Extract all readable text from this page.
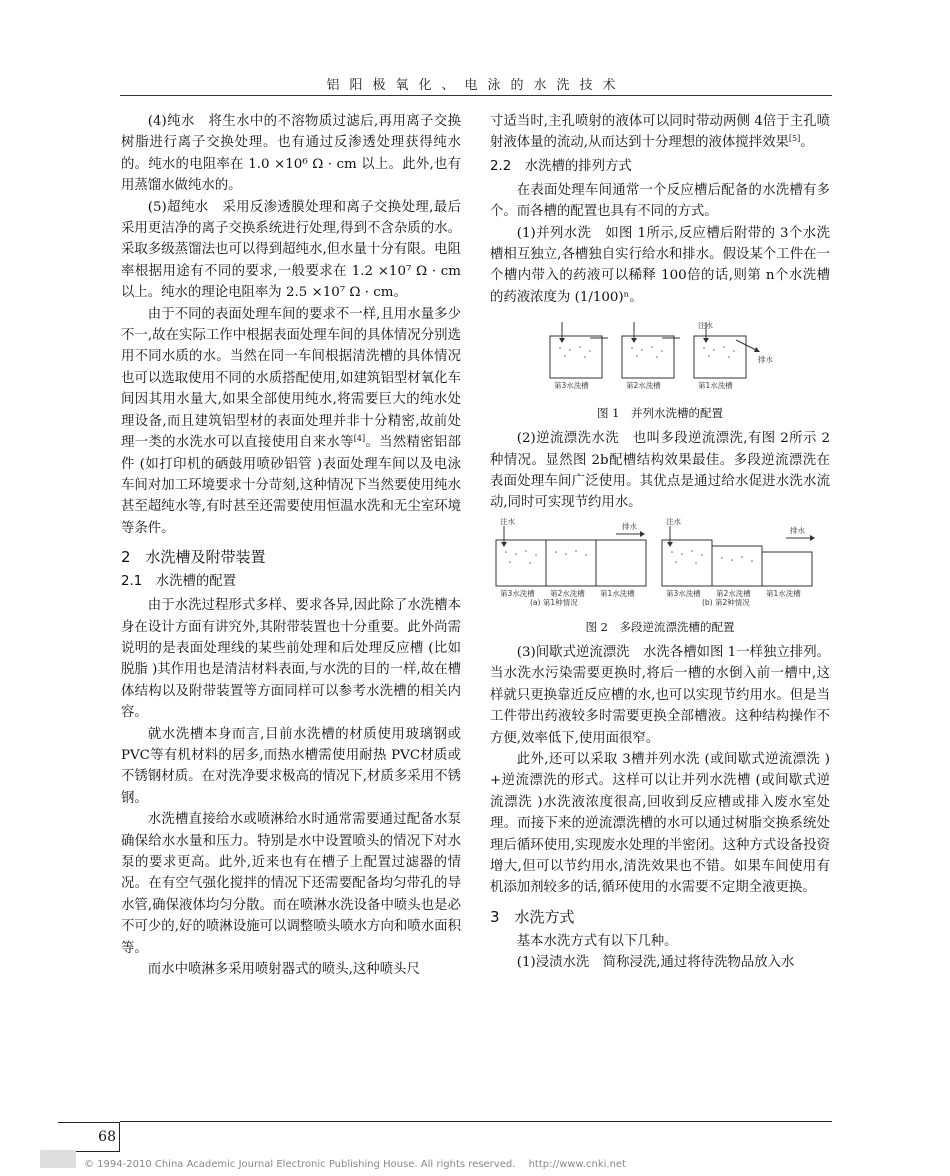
铝阳极氧化、电泳的水洗技术

(4)纯水　将生水中的不溶物质过滤后,再用离子交换树脂进行离子交换处理。也有通过反渗透处理获得纯水的。纯水的电阻率在 1.0 ×10⁶ Ω · cm 以上。此外,也有用蒸馏水做纯水的。

(5)超纯水　采用反渗透膜处理和离子交换处理,最后采用更洁净的离子交换系统进行处理,得到不含杂质的水。采取多级蒸馏法也可以得到超纯水,但水量十分有限。电阻率根据用途有不同的要求,一般要求在 1.2 ×10⁷ Ω · cm 以上。纯水的理论电阻率为 2.5 ×10⁷ Ω · cm。

由于不同的表面处理车间的要求不一样,且用水量多少不一,故在实际工作中根据表面处理车间的具体情况分别选用不同水质的水。当然在同一车间根据清洗槽的具体情况也可以选取使用不同的水质搭配使用,如建筑铝型材氧化车间因其用水量大,如果全部使用纯水,将需要巨大的纯水处理设备,而且建筑铝型材的表面处理并非十分精密,故前处理一类的水洗水可以直接使用自来水等[4]。当然精密铝部件 (如打印机的硒鼓用喷砂铝管 )表面处理车间以及电泳车间对加工环境要求十分苛刻,这种情况下当然要使用纯水甚至超纯水等,有时甚至还需要使用恒温水洗和无尘室环境等条件。

2　水洗槽及附带装置
2.1　水洗槽的配置

由于水洗过程形式多样、要求各异,因此除了水洗槽本身在设计方面有讲究外,其附带装置也十分重要。此外尚需说明的是表面处理线的某些前处理和后处理反应槽 (比如脱脂 )其作用也是清洁材料表面,与水洗的目的一样,故在槽体结构以及附带装置等方面同样可以参考水洗槽的相关内容。

就水洗槽本身而言,目前水洗槽的材质使用玻璃钢或 PVC等有机材料的居多,而热水槽需使用耐热 PVC材质或不锈钢材质。在对洗净要求极高的情况下,材质多采用不锈钢。

水洗槽直接给水或喷淋给水时通常需要通过配备水泵确保给水水量和压力。特别是水中设置喷头的情况下对水泵的要求更高。此外,近来也有在槽子上配置过滤器的情况。在有空气强化搅拌的情况下还需要配备均匀带孔的导水管,确保液体均匀分散。而在喷淋水洗设备中喷头也是必不可少的,好的喷淋设施可以调整喷头喷水方向和喷水面积等。

而水中喷淋多采用喷射器式的喷头,这种喷头尺

寸适当时,主孔喷射的液体可以同时带动两侧 4倍于主孔喷射液体量的流动,从而达到十分理想的液体搅拌效果[5]。

2.2　水洗槽的排列方式

在表面处理车间通常一个反应槽后配备的水洗槽有多个。而各槽的配置也具有不同的方式。

(1)并列水洗　如图 1所示,反应槽后附带的 3个水洗槽相互独立,各槽独自实行给水和排水。假设某个工件在一个槽内带入的药液可以稀释 100倍的话,则第 n个水洗槽的药液浓度为 (1/100)ⁿ。

注水
排水
第3水洗槽	第2水洗槽	第1水洗槽
图 1　并列水洗槽的配置

(2)逆流漂洗水洗　也叫多段逆流漂洗,有图 2所示 2种情况。显然图 2b配槽结构效果最佳。多段逆流漂洗在表面处理车间广泛使用。其优点是通过给水促进水洗水流动,同时可实现节约用水。

注水
排水
注水
排水
第3水洗槽 第2水洗槽 第1水洗槽	第3水洗槽 第2水洗槽 第1水洗槽
(a) 第1种情况	(b) 第2种情况
图 2　多段逆流漂洗槽的配置

(3)间歇式逆流漂洗　水洗各槽如图 1一样独立排列。当水洗水污染需要更换时,将后一槽的水倒入前一槽中,这样就只更换靠近反应槽的水,也可以实现节约用水。但是当工件带出药液较多时需要更换全部槽液。这种结构操作不方便,效率低下,使用面很窄。

此外,还可以采取 3槽并列水洗 (或间歇式逆流漂洗 ) +逆流漂洗的形式。这样可以让并列水洗槽 (或间歇式逆流漂洗 )水洗液浓度很高,回收到反应槽或排入废水室处理。而接下来的逆流漂洗槽的水可以通过树脂交换系统处理后循环使用,实现废水处理的半密闭。这种方式设备投资增大,但可以节约用水,清洗效果也不错。如果车间使用有机添加剂较多的话,循环使用的水需要不定期全液更换。

3　水洗方式

基本水洗方式有以下几种。

(1)浸渍水洗　简称浸洗,通过将待洗物品放入水

68
© 1994-2010 China Academic Journal Electronic Publishing House. All rights reserved.　 http://www.cnki.net
